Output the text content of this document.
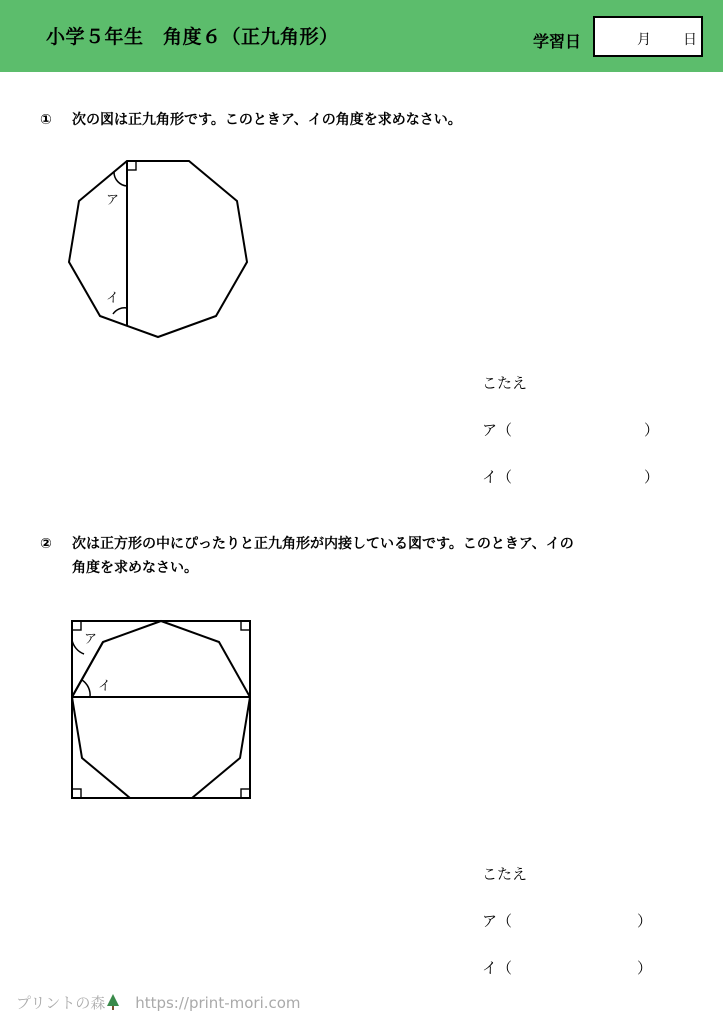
小学５年生　角度６（正九角形）	学習日	月 日
① 次の図は正九角形です。このときア、イの角度を求めなさい。
ア
イ
こたえ
ア（	）
イ（	）
② 次は正方形の中にぴったりと正九角形が内接している図です。このときア、イの
角度を求めなさい。
ア
イ
こたえ
ア（	）
イ（	）
プリントの森 https://print-mori.com
